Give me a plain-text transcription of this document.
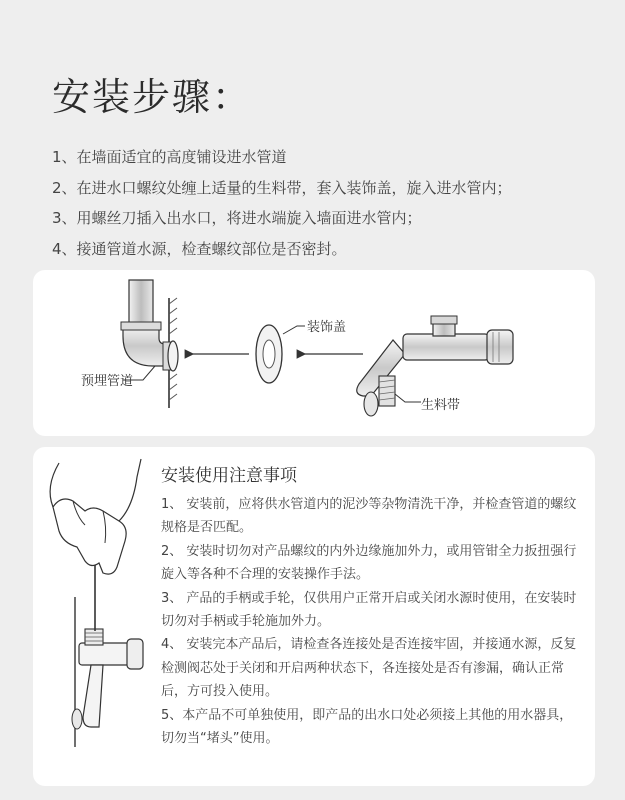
安装步骤：
1、在墙面适宜的高度铺设进水管道
2、在进水口螺纹处缠上适量的生料带，套入装饰盖，旋入进水管内；
3、用螺丝刀插入出水口，将进水端旋入墙面进水管内；
4、接通管道水源，检查螺纹部位是否密封。
预埋管道
装饰盖
生料带
安装使用注意事项

1、 安装前，应将供水管道内的泥沙等杂物清洗干净，并检查管道的螺纹规格是否匹配。

2、 安装时切勿对产品螺纹的内外边缘施加外力，或用管钳全力扳扭强行旋入等各种不合理的安装操作手法。

3、 产品的手柄或手轮，仅供用户正常开启或关闭水源时使用，在安装时切勿对手柄或手轮施加外力。

4、 安装完本产品后，请检查各连接处是否连接牢固，并接通水源，反复检测阀芯处于关闭和开启两种状态下，各连接处是否有渗漏，确认正常后，方可投入使用。

5、本产品不可单独使用，即产品的出水口处必须接上其他的用水器具，切勿当“堵头”使用。
